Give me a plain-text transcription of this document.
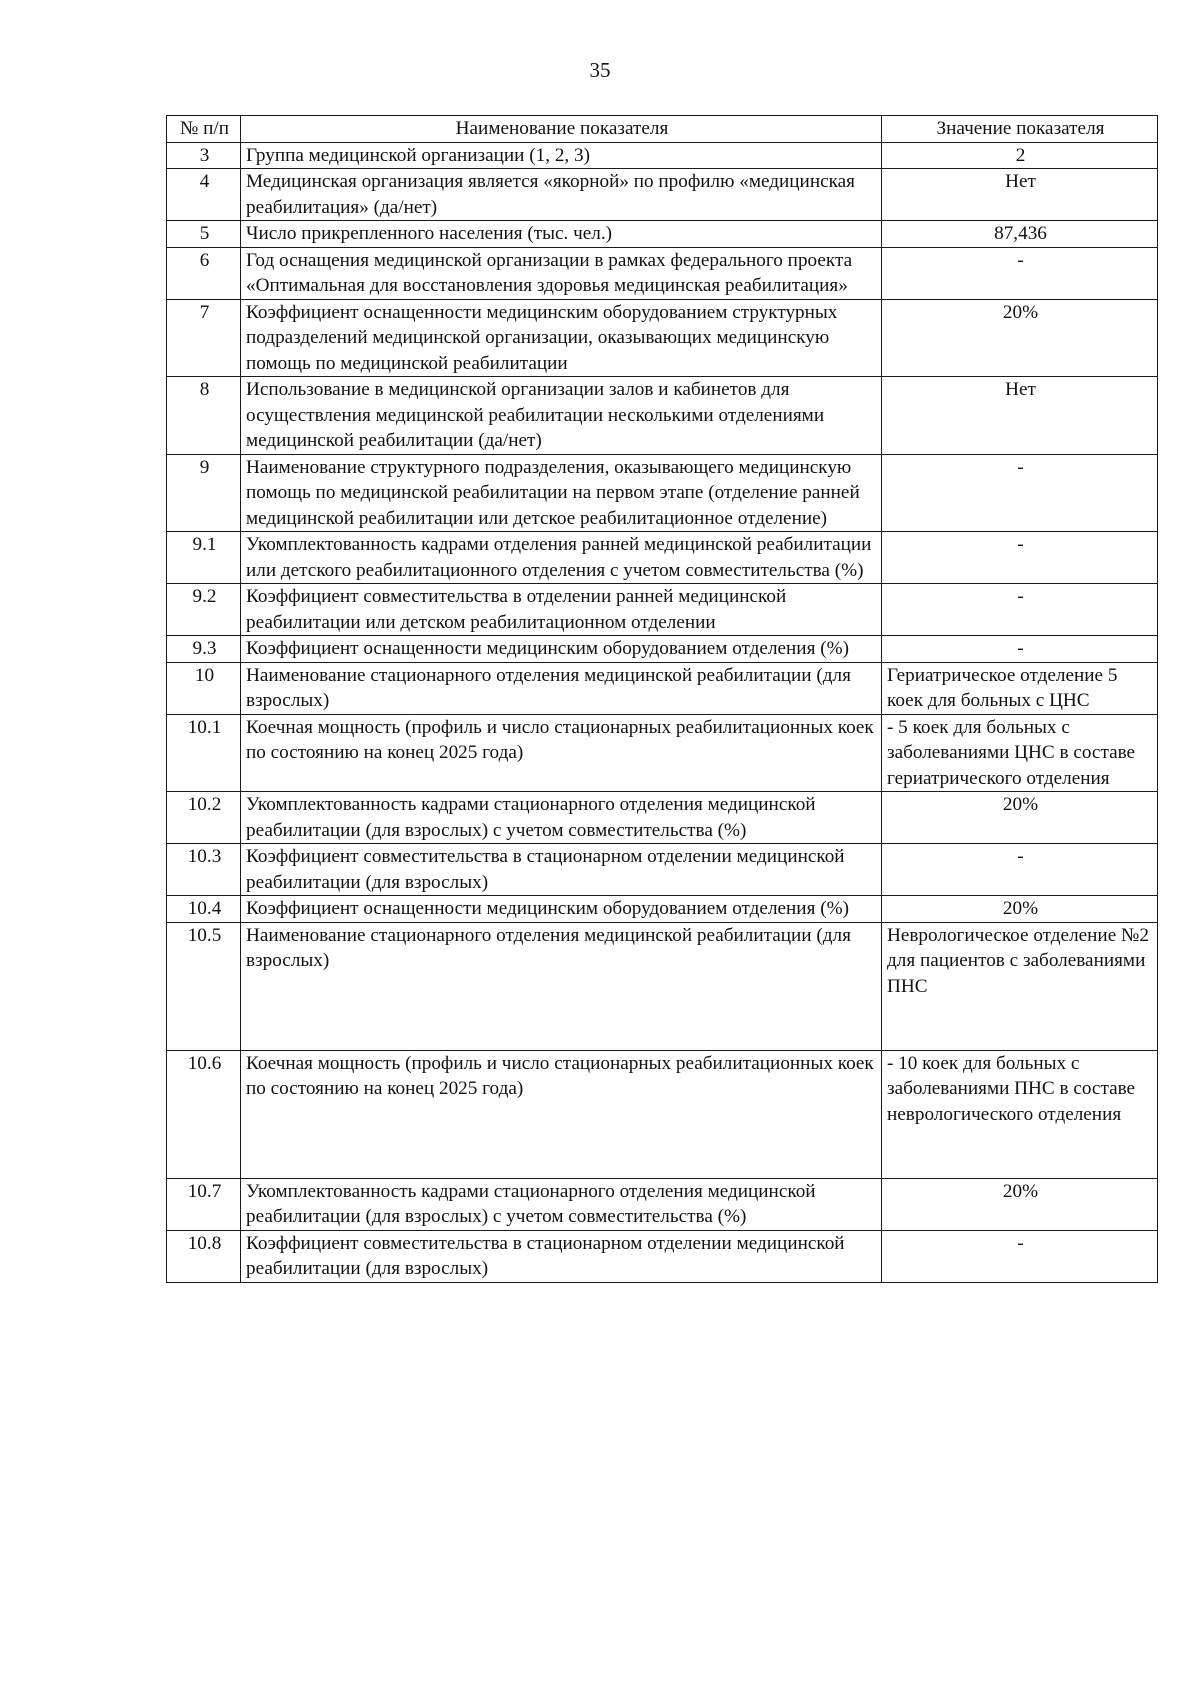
35
№ п/п	Наименование показателя	Значение показателя
3	Группа медицинской организации (1, 2, 3)	2
4	Медицинская организация является «якорной» по профилю «медицинская реабилитация» (да/нет)	Нет
5	Число прикрепленного населения (тыс. чел.)	87,436
6	Год оснащения медицинской организации в рамках федерального проекта «Оптимальная для восстановления здоровья медицинская реабилитация»	-
7	Коэффициент оснащенности медицинским оборудованием структурных подразделений медицинской организации, оказывающих медицинскую помощь по медицинской реабилитации	20%
8	Использование в медицинской организации залов и кабинетов для осуществления медицинской реабилитации несколькими отделениями медицинской реабилитации (да/нет)	Нет
9	Наименование структурного подразделения, оказывающего медицинскую помощь по медицинской реабилитации на первом этапе (отделение ранней медицинской реабилитации или детское реабилитационное отделение)	-
9.1	Укомплектованность кадрами отделения ранней медицинской реабилитации или детского реабилитационного отделения с учетом совместительства (%)	-
9.2	Коэффициент совместительства в отделении ранней медицинской реабилитации или детском реабилитационном отделении	-
9.3	Коэффициент оснащенности медицинским оборудованием отделения (%)	-
10	Наименование стационарного отделения медицинской реабилитации (для взрослых)	Гериатрическое отделение 5 коек для больных с ЦНС
10.1	Коечная мощность (профиль и число стационарных реабилитационных коек по состоянию на конец 2025 года)	- 5 коек для больных с заболеваниями ЦНС в составе гериатрического отделения
10.2	Укомплектованность кадрами стационарного отделения медицинской реабилитации (для взрослых) с учетом совместительства (%)	20%
10.3	Коэффициент совместительства в стационарном отделении медицинской реабилитации (для взрослых)	-
10.4	Коэффициент оснащенности медицинским оборудованием отделения (%)	20%
10.5	Наименование стационарного отделения медицинской реабилитации (для взрослых)	Неврологическое отделение №2 для пациентов с заболеваниями ПНС
10.6	Коечная мощность (профиль и число стационарных реабилитационных коек по состоянию на конец 2025 года)	- 10 коек для больных с заболеваниями ПНС в составе неврологического отделения
10.7	Укомплектованность кадрами стационарного отделения медицинской реабилитации (для взрослых) с учетом совместительства (%)	20%
10.8	Коэффициент совместительства в стационарном отделении медицинской реабилитации (для взрослых)	-
